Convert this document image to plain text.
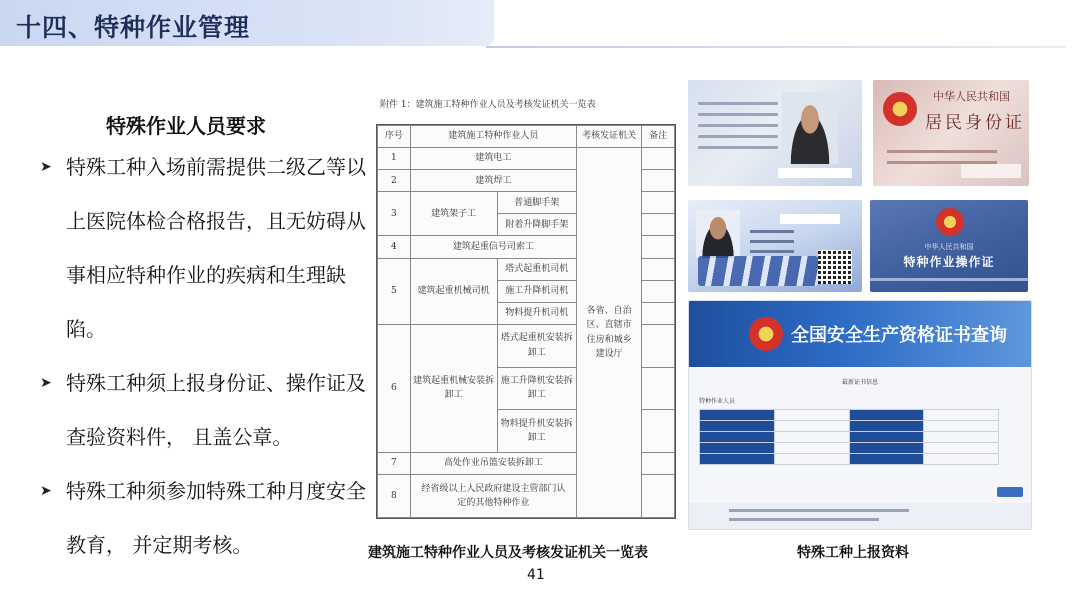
十四、特种作业管理
特殊作业人员要求
➤ 特殊工种入场前需提供二级乙等以上医院体检合格报告，且无妨碍从事相应特种作业的疾病和生理缺陷。
➤ 特殊工种须上报身份证、操作证及查验资料件， 且盖公章。
➤ 特殊工种须参加特殊工种月度安全教育， 并定期考核。
附件 1：建筑施工特种作业人员及考核发证机关一览表
序号	建筑施工特种作业人员		考核发证机关	备注
1	建筑电工		各省、自治区、直辖市住房和城乡建设厅	
2	建筑焊工			
3	建筑架子工	普通脚手架		
		附着升降脚手架		
4	建筑起重信号司索工			
5	建筑起重机械司机	塔式起重机司机		
		施工升降机司机		
		物料提升机司机		
6	建筑起重机械安装拆卸工	塔式起重机安装拆卸工		
		施工升降机安装拆卸工		
		物料提升机安装拆卸工		
7	高处作业吊篮安装拆卸工			
8	经省级以上人民政府建设主管部门认定的其他特种作业			
建筑施工特种作业人员及考核发证机关一览表
中华人民共和国
居民身份证
中华人民共和国
特种作业操作证
全国安全生产资格证书查询
最新证书信息
特种作业人员

特殊工种上报资料
41
